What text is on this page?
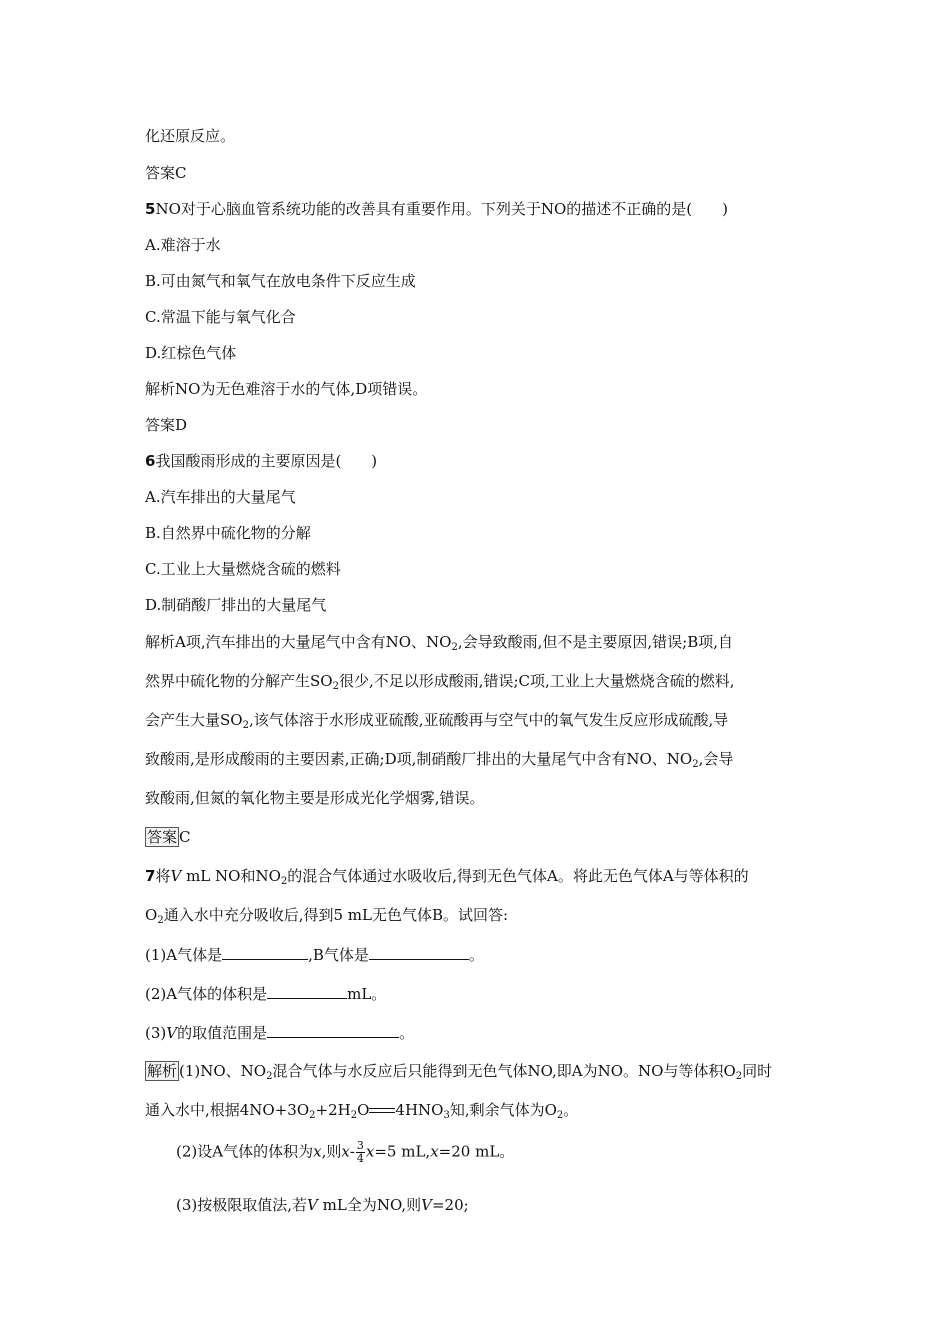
化还原反应。
答案C
5NO对于心脑血管系统功能的改善具有重要作用。下列关于NO的描述不正确的是(　　)
A.难溶于水
B.可由氮气和氧气在放电条件下反应生成
C.常温下能与氧气化合
D.红棕色气体
解析NO为无色难溶于水的气体,D项错误。
答案D
6我国酸雨形成的主要原因是(　　)
A.汽车排出的大量尾气
B.自然界中硫化物的分解
C.工业上大量燃烧含硫的燃料
D.制硝酸厂排出的大量尾气
解析A项,汽车排出的大量尾气中含有NO、$NO_2$,会导致酸雨,但不是主要原因,错误;B项,自
然界中硫化物的分解产生$SO_2$很少,不足以形成酸雨,错误;C项,工业上大量燃烧含硫的燃料,
会产生大量$SO_2$,该气体溶于水形成亚硫酸,亚硫酸再与空气中的氧气发生反应形成硫酸,导
致酸雨,是形成酸雨的主要因素,正确;D项,制硝酸厂排出的大量尾气中含有NO、$NO_2$,会导
致酸雨,但氮的氧化物主要是形成光化学烟雾,错误。
答案 C
7将V mL NO和$NO_2$的混合气体通过水吸收后,得到无色气体A。将此无色气体A与等体积的
$O_2$通入水中充分吸收后,得到5 mL无色气体B。试回答:
(1)A气体是	,B气体是	。
(2)A气体的体积是	mL。
(3)V的取值范围是	。
解析 (1)NO、$NO_2$混合气体与水反应后只能得到无色气体NO,即A为NO。NO与等体积$O_2$同时
通入水中,根据$4NO+3O_2+2H_2O$ $4HNO_3$知,剩余气体为$O_2$。
(2)设A气体的体积为x,则$x- \frac{3}{4} x=5$ mL,x=20 mL。
(3)按极限取值法,若V mL全为NO,则V=20;
